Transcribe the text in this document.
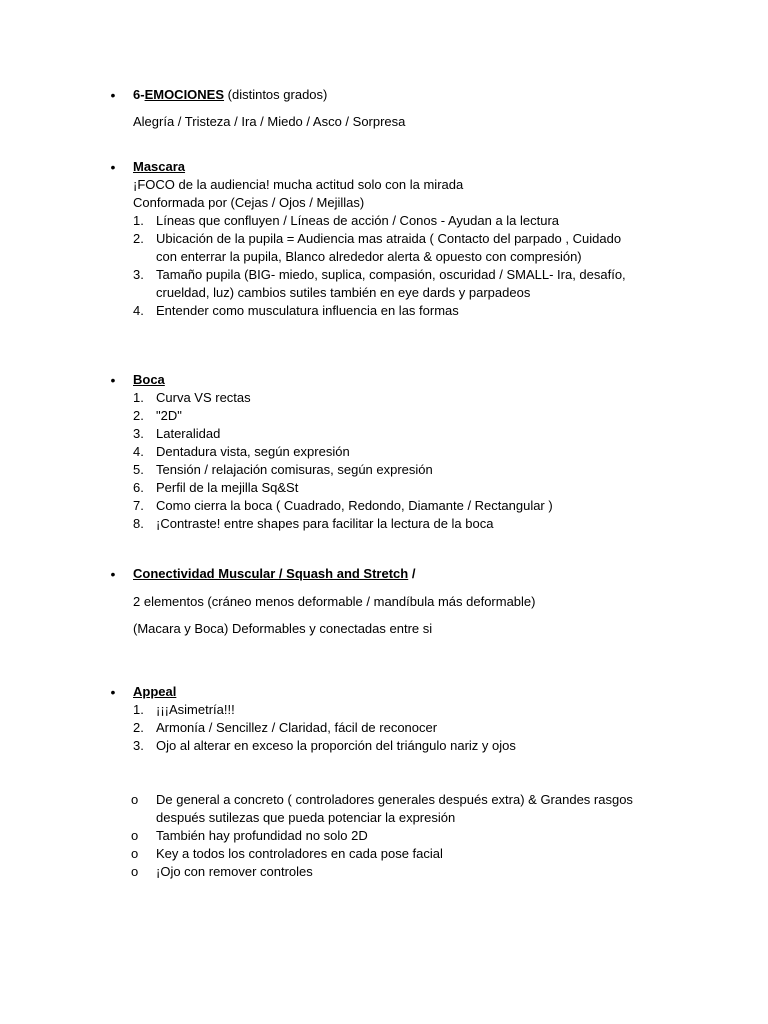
• 6-EMOCIONES (distintos grados)
Alegría / Tristeza / Ira / Miedo / Asco / Sorpresa
• Mascara
¡FOCO de la audiencia! mucha actitud solo con la mirada
Conformada por (Cejas / Ojos / Mejillas)
1. Líneas que confluyen / Líneas de acción / Conos - Ayudan a la lectura
2. Ubicación de la pupila = Audiencia mas atraida ( Contacto del parpado , Cuidado con enterrar la pupila, Blanco alrededor alerta & opuesto con compresión)
3. Tamaño pupila (BIG- miedo, suplica, compasión, oscuridad / SMALL- Ira, desafío, crueldad, luz) cambios sutiles también en eye dards y parpadeos
4. Entender como musculatura influencia en las formas
• Boca
1. Curva VS rectas
2. "2D"
3. Lateralidad
4. Dentadura vista, según expresión
5. Tensión / relajación comisuras, según expresión
6. Perfil de la mejilla Sq&St
7. Como cierra la boca ( Cuadrado, Redondo, Diamante / Rectangular )
8. ¡Contraste! entre shapes para facilitar la lectura de la boca
• Conectividad Muscular / Squash and Stretch /
2 elementos (cráneo menos deformable / mandíbula más deformable)
(Macara y Boca) Deformables y conectadas entre si
• Appeal
1. ¡¡¡Asimetría!!!
2. Armonía / Sencillez / Claridad, fácil de reconocer
3. Ojo al alterar en exceso la proporción del triángulo nariz y ojos
o	De general a concreto ( controladores generales después extra) & Grandes rasgos después sutilezas que pueda potenciar la expresión
o	También hay profundidad no solo 2D
o	Key a todos los controladores en cada pose facial
o	¡Ojo con remover controles
